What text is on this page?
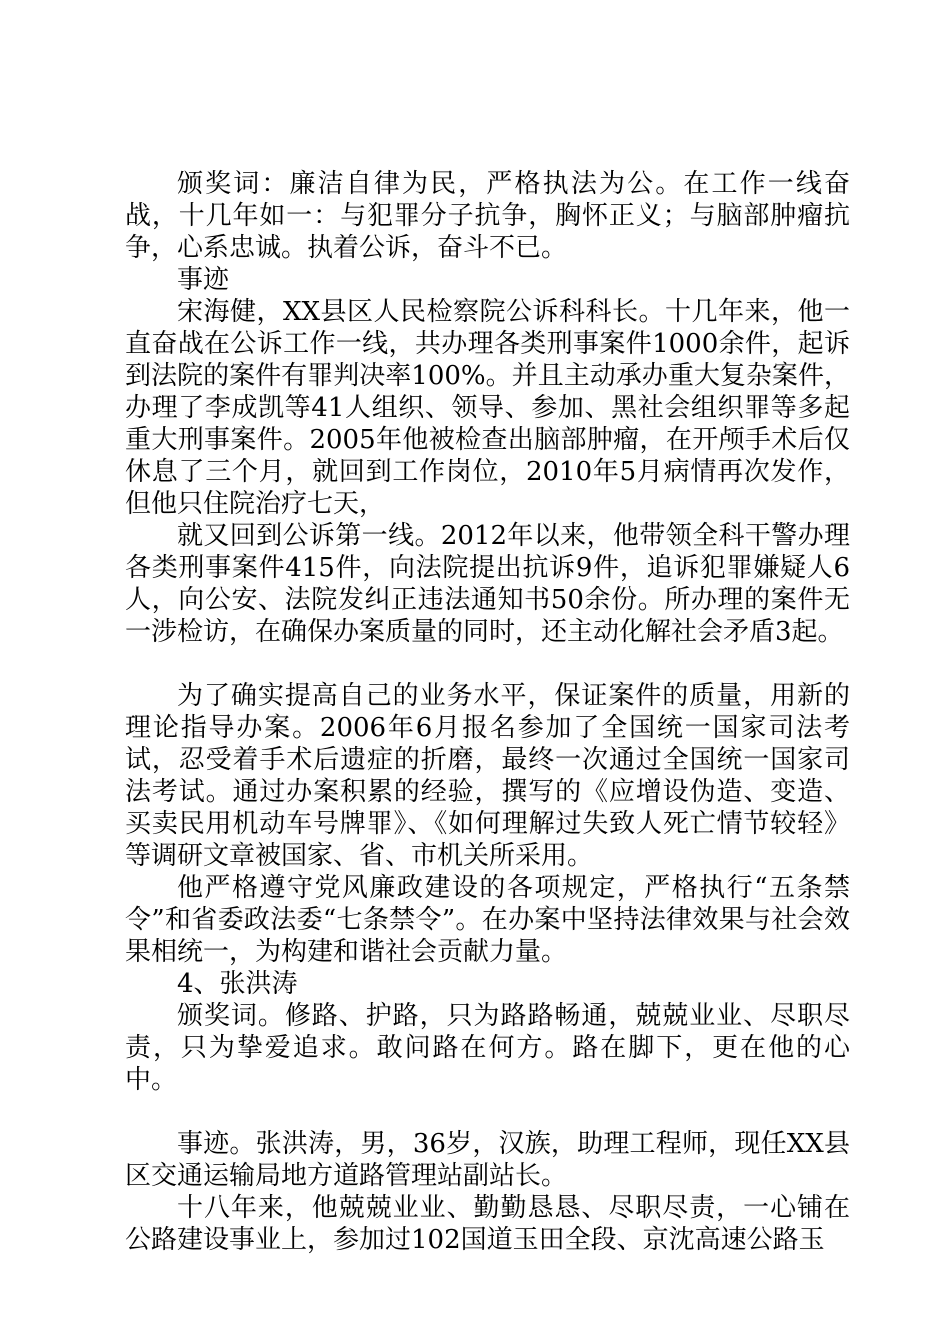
颁奖词：廉洁自律为民，严格执法为公。在工作一线奋战，十几年如一：与犯罪分子抗争，胸怀正义；与脑部肿瘤抗争，心系忠诚。执着公诉，奋斗不已。

事迹

宋海健，XX县区人民检察院公诉科科长。十几年来，他一直奋战在公诉工作一线，共办理各类刑事案件1000余件，起诉到法院的案件有罪判决率100%。并且主动承办重大复杂案件，办理了李成凯等41人组织、领导、参加、黑社会组织罪等多起重大刑事案件。2005年他被检查出脑部肿瘤，在开颅手术后仅休息了三个月，就回到工作岗位，2010年5月病情再次发作，但他只住院治疗七天，

就又回到公诉第一线。2012年以来，他带领全科干警办理各类刑事案件415件，向法院提出抗诉9件，追诉犯罪嫌疑人6人，向公安、法院发纠正违法通知书50余份。所办理的案件无一涉检访，在确保办案质量的同时，还主动化解社会矛盾3起。

为了确实提高自己的业务水平，保证案件的质量，用新的理论指导办案。2006年6月报名参加了全国统一国家司法考试，忍受着手术后遗症的折磨，最终一次通过全国统一国家司法考试。通过办案积累的经验，撰写的《应增设伪造、变造、买卖民用机动车号牌罪》、《如何理解过失致人死亡情节较轻》等调研文章被国家、省、市机关所采用。

他严格遵守党风廉政建设的各项规定，严格执行“五条禁令”和省委政法委“七条禁令”。在办案中坚持法律效果与社会效果相统一，为构建和谐社会贡献力量。

4、张洪涛

颁奖词。修路、护路，只为路路畅通，兢兢业业、尽职尽责，只为挚爱追求。敢问路在何方。路在脚下，更在他的心中。

事迹。张洪涛，男，36岁，汉族，助理工程师，现任XX县区交通运输局地方道路管理站副站长。

十八年来，他兢兢业业、勤勤恳恳、尽职尽责，一心铺在公路建设事业上，参加过102国道玉田全段、京沈高速公路玉
